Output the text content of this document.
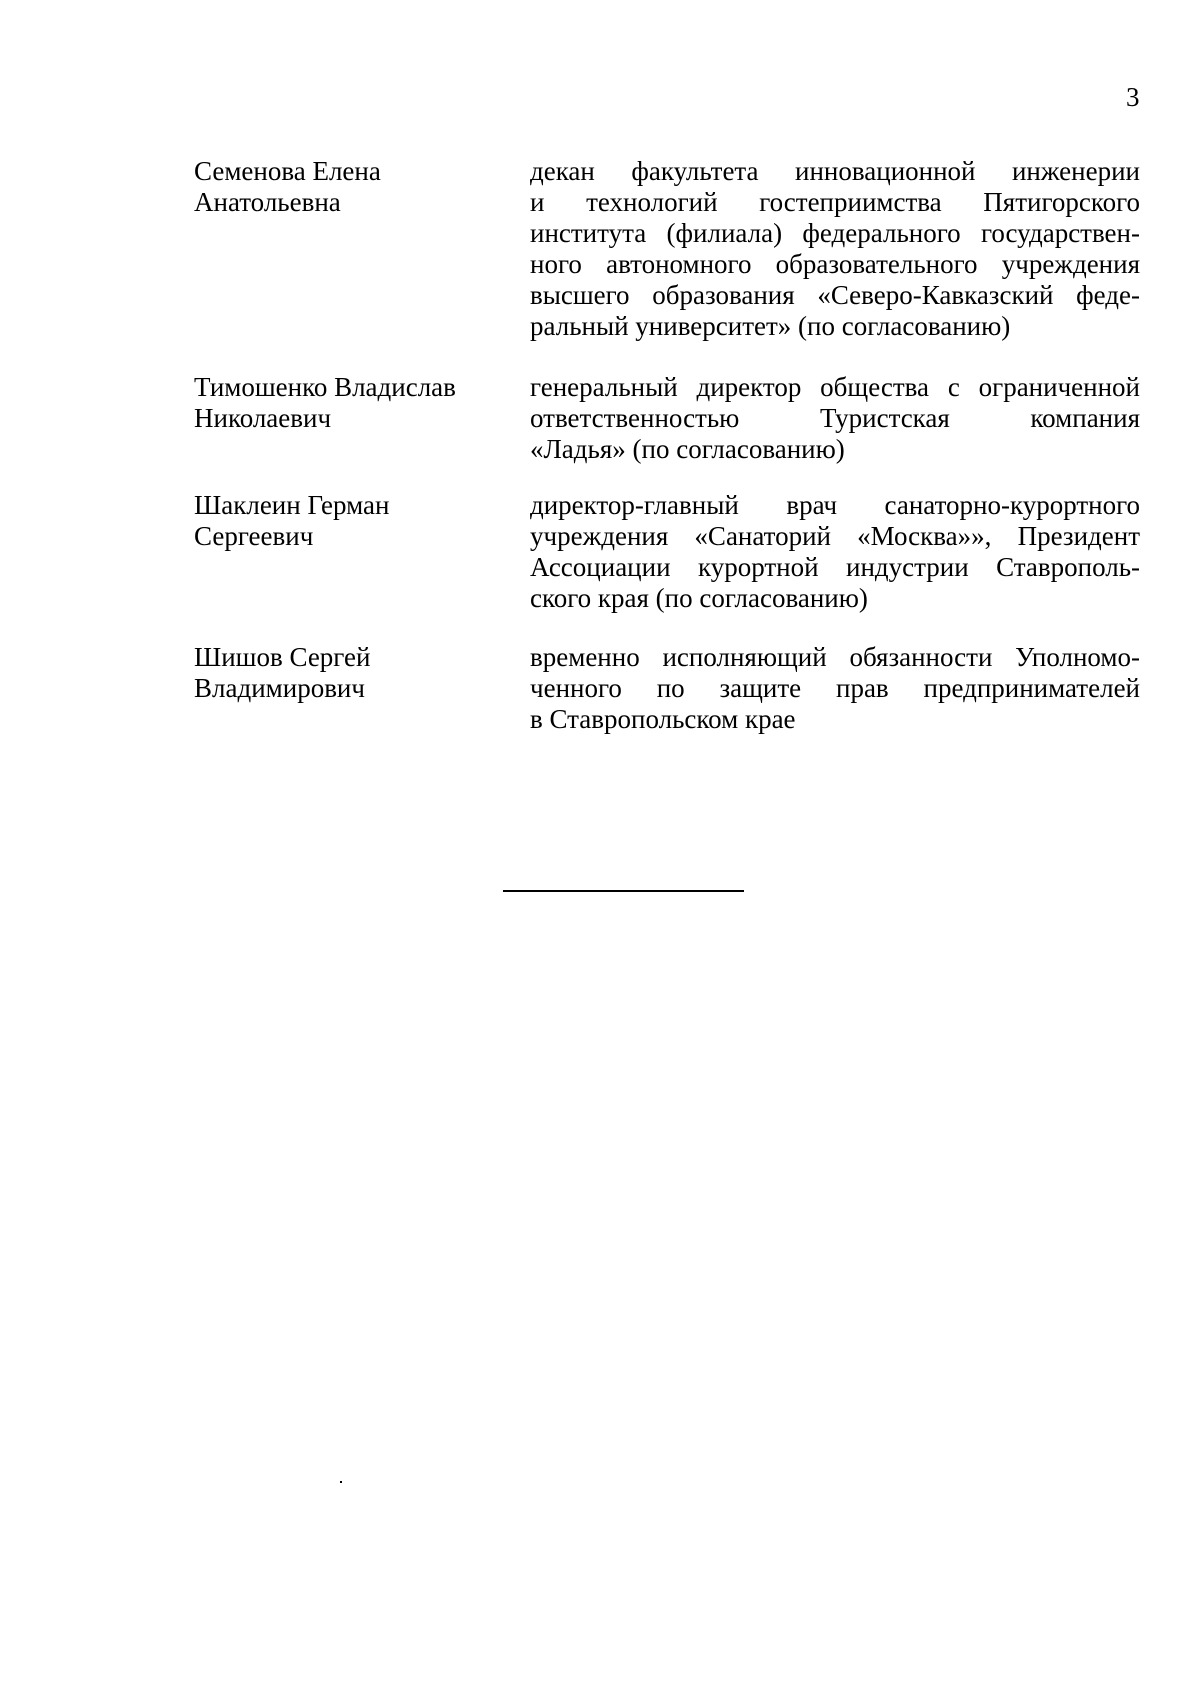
3
Семенова Елена
Анатольевна
декан факультета инновационной инженерии
и технологий гостеприимства Пятигорского
института (филиала) федерального государствен-
ного автономного образовательного учреждения
высшего образования «Северо-Кавказский феде-
ральный университет» (по согласованию)
Тимошенко Владислав
Николаевич
генеральный директор общества с ограниченной
ответственностью Туристская компания
«Ладья» (по согласованию)
Шаклеин Герман
Сергеевич
директор-главный врач санаторно-курортного
учреждения «Санаторий «Москва»», Президент
Ассоциации курортной индустрии Ставрополь-
ского края (по согласованию)
Шишов Сергей
Владимирович
временно исполняющий обязанности Уполномо-
ченного по защите прав предпринимателей
в Ставропольском крае
